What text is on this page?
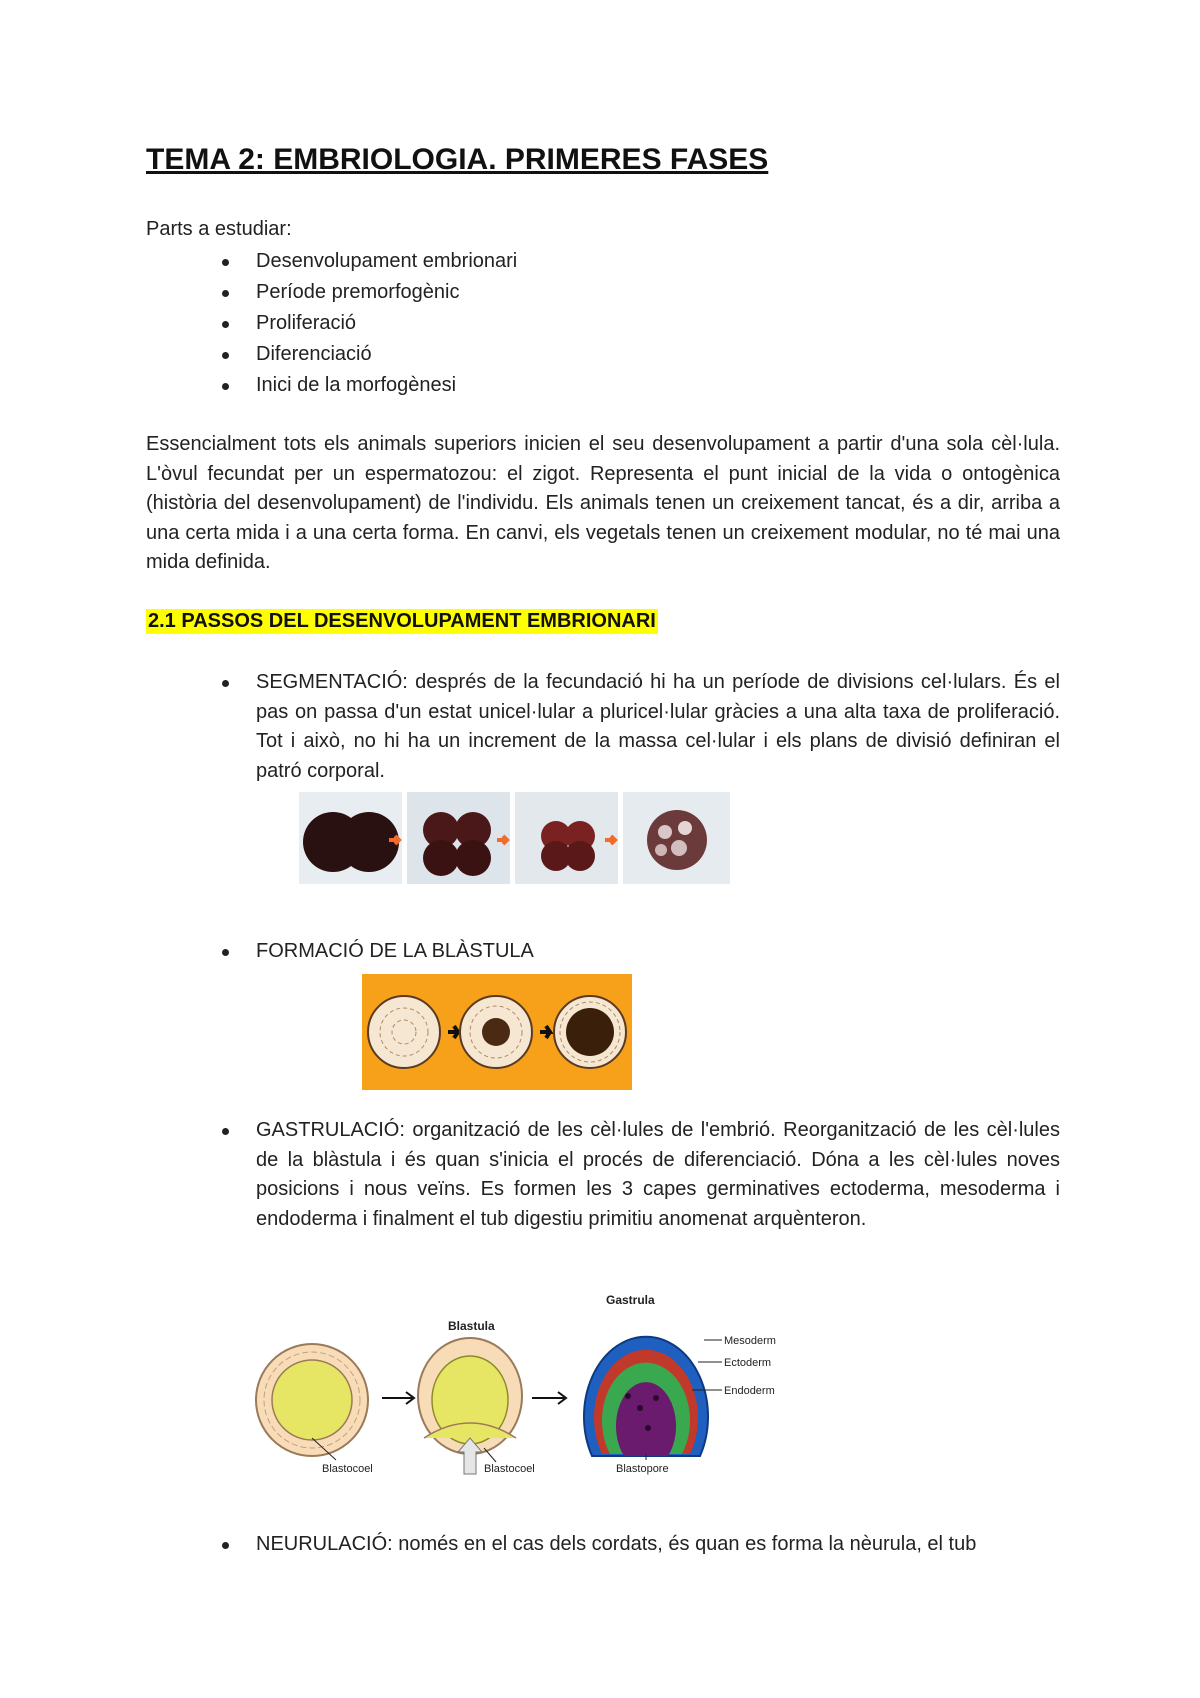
TEMA 2: EMBRIOLOGIA. PRIMERES FASES
Parts a estudiar:
Desenvolupament embrionari
Període premorfogènic
Proliferació
Diferenciació
Inici de la morfogènesi

Essencialment tots els animals superiors inicien el seu desenvolupament a partir d'una sola cèl·lula. L'òvul fecundat per un espermatozou: el zigot. Representa el punt inicial de la vida o ontogènica (història del desenvolupament) de l'individu. Els animals tenen un creixement tancat, és a dir, arriba a una certa mida i a una certa forma. En canvi, els vegetals tenen un creixement modular, no té mai una mida definida.

2.1 PASSOS DEL DESENVOLUPAMENT EMBRIONARI
SEGMENTACIÓ: després de la fecundació hi ha un període de divisions cel·lulars. És el pas on passa d'un estat unicel·lular a pluricel·lular gràcies a una alta taxa de proliferació. Tot i això, no hi ha un increment de la massa cel·lular i els plans de divisió definiran el patró corporal.
FORMACIÓ DE LA BLÀSTULA
GASTRULACIÓ: organització de les cèl·lules de l'embrió. Reorganització de les cèl·lules de la blàstula i és quan s'inicia el procés de diferenciació. Dóna a les cèl·lules noves posicions i nous veïns. Es formen les 3 capes germinatives ectoderma, mesoderma i endoderma i finalment el tub digestiu primitiu anomenat arquènteron.
Blastula
Gastrula
Mesoderm
Ectoderm
Endoderm
Blastocoel	Blastocoel	Blastopore
NEURULACIÓ: només en el cas dels cordats, és quan es forma la nèurula, el tub
